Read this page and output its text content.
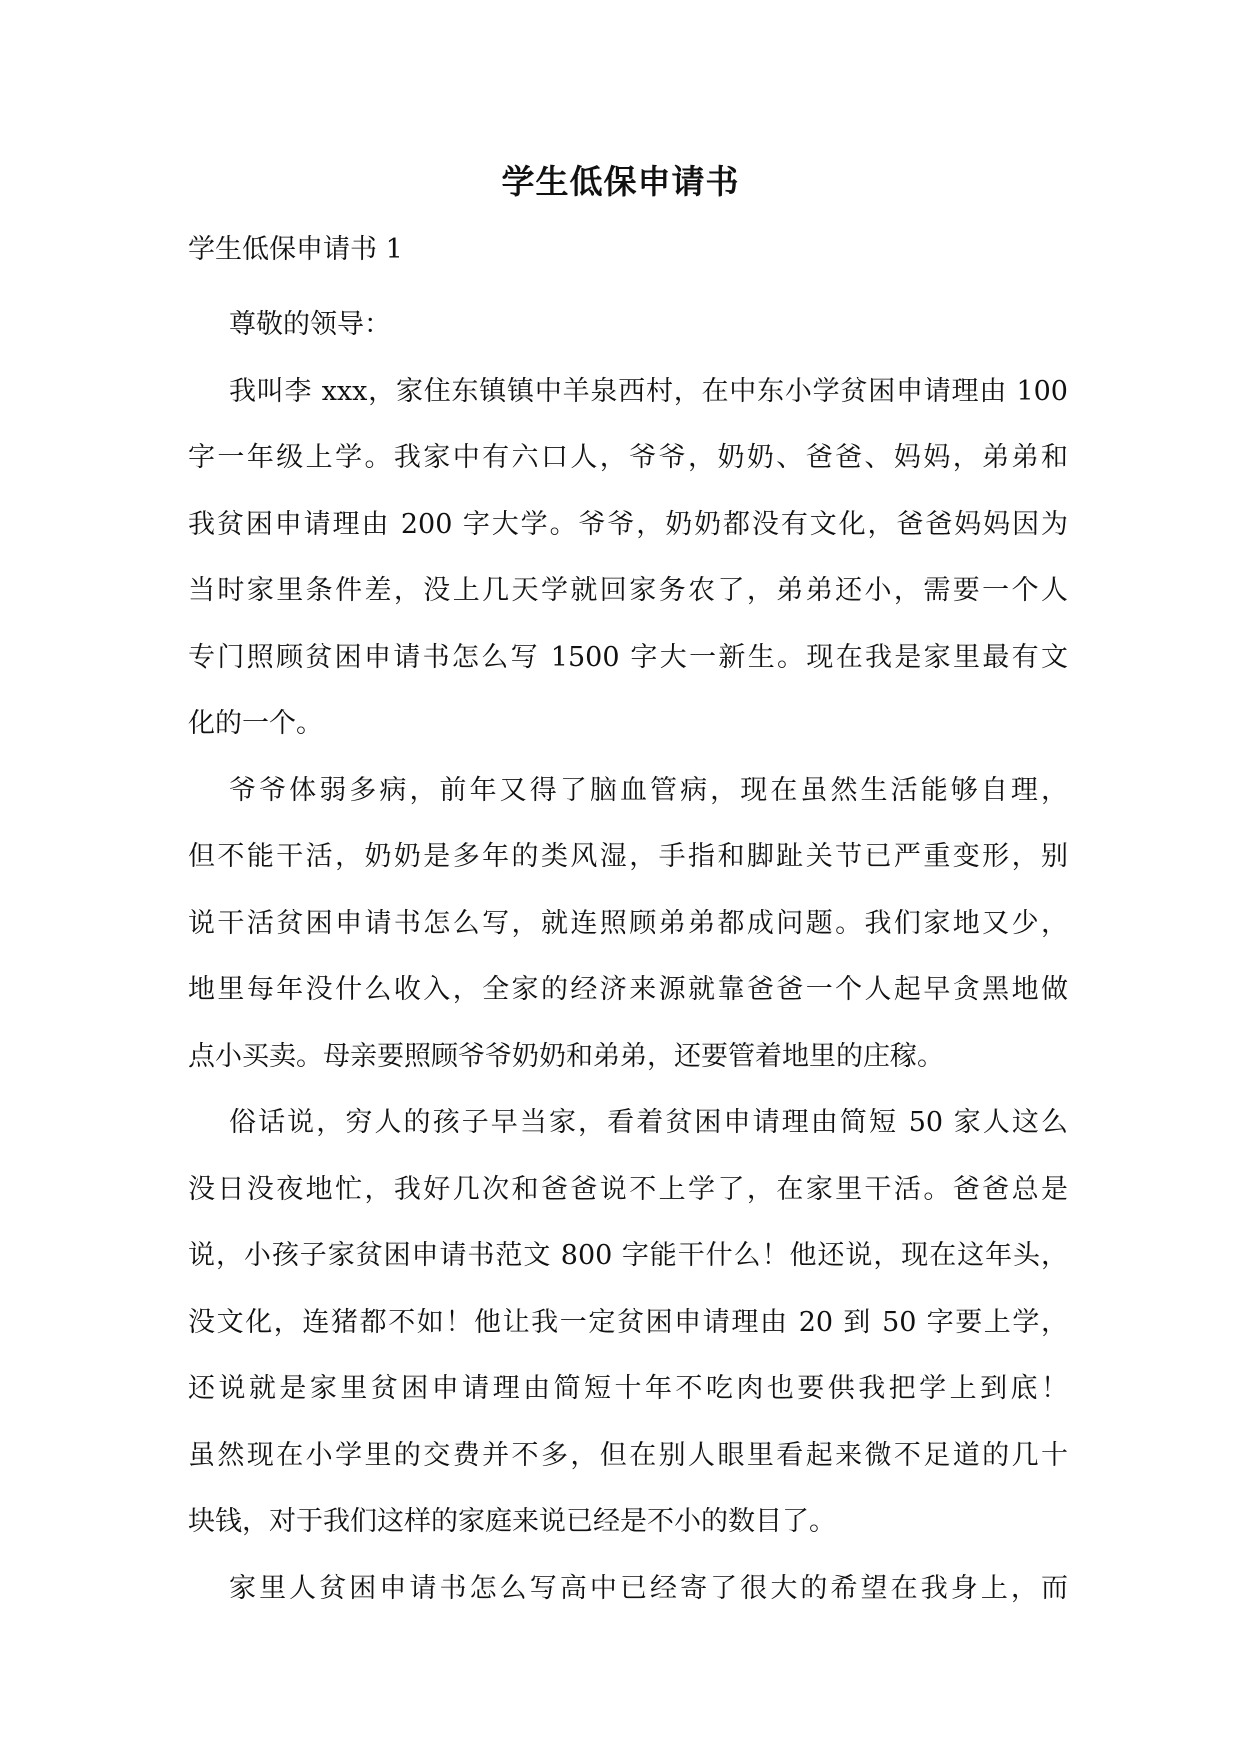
学生低保申请书

学生低保申请书 1

尊敬的领导：
我叫李 xxx，家住东镇镇中羊泉西村，在中东小学贫困申请理由 100
字一年级上学。我家中有六口人，爷爷，奶奶、爸爸、妈妈，弟弟和
我贫困申请理由 200 字大学。爷爷，奶奶都没有文化，爸爸妈妈因为
当时家里条件差，没上几天学就回家务农了，弟弟还小，需要一个人
专门照顾贫困申请书怎么写 1500 字大一新生。现在我是家里最有文
化的一个。
爷爷体弱多病，前年又得了脑血管病，现在虽然生活能够自理，
但不能干活，奶奶是多年的类风湿，手指和脚趾关节已严重变形，别
说干活贫困申请书怎么写，就连照顾弟弟都成问题。我们家地又少，
地里每年没什么收入，全家的经济来源就靠爸爸一个人起早贪黑地做
点小买卖。母亲要照顾爷爷奶奶和弟弟，还要管着地里的庄稼。
俗话说，穷人的孩子早当家，看着贫困申请理由简短 50 家人这么
没日没夜地忙，我好几次和爸爸说不上学了，在家里干活。爸爸总是
说，小孩子家贫困申请书范文 800 字能干什么！他还说，现在这年头，
没文化，连猪都不如！他让我一定贫困申请理由 20 到 50 字要上学，
还说就是家里贫困申请理由简短十年不吃肉也要供我把学上到底！
虽然现在小学里的交费并不多，但在别人眼里看起来微不足道的几十
块钱，对于我们这样的家庭来说已经是不小的数目了。
家里人贫困申请书怎么写高中已经寄了很大的希望在我身上，而
